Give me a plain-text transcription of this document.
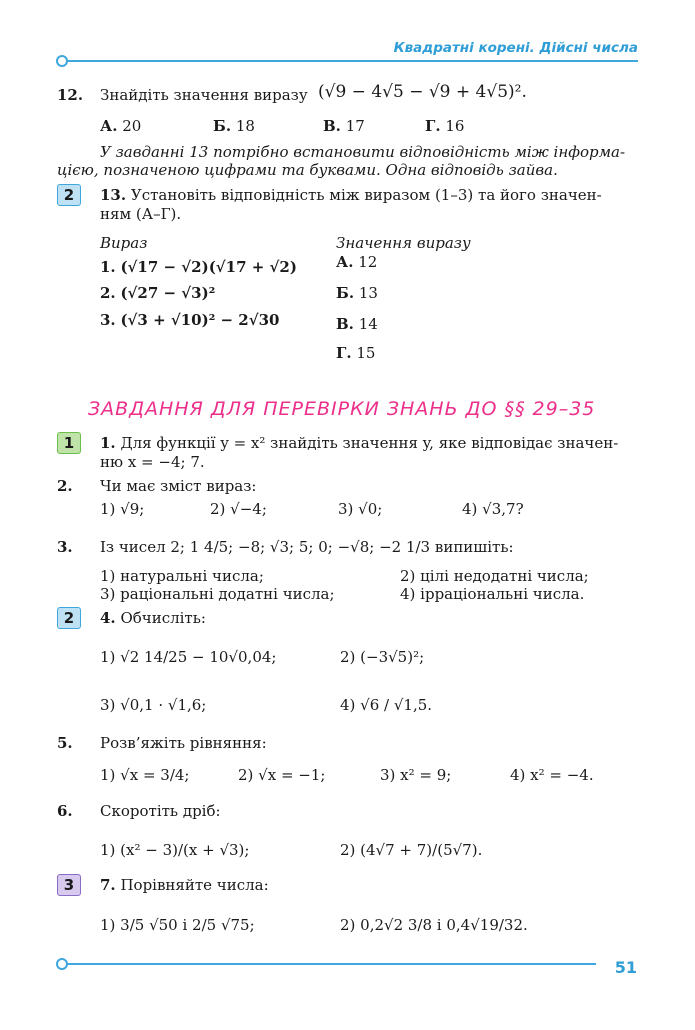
Квадратні корені. Дійсні числа
12. Знайдіть значення виразу (√9 − 4√5 − √9 + 4√5)².
А. 20	Б. 18	В. 17	Г. 16
У завданні 13 потрібно встановити відповідність між інформа-
цією, позначеною цифрами та буквами. Одна відповідь зайва.
2	13. Установіть відповідність між виразом (1–3) та його значен-
ням (А–Г).
Вираз	Значення виразу
1. (√17 − √2)(√17 + √2)
2. (√27 − √3)²
3. (√3 + √10)² − 2√30
А. 12
Б. 13
В. 14
Г. 15
ЗАВДАННЯ ДЛЯ ПЕРЕВІРКИ ЗНАНЬ ДО §§ 29–35
1	1. Для функції y = x² знайдіть значення y, яке відповідає значен-
ню x = −4; 7.
2. Чи має зміст вираз:
1) √9;	2) √−4;	3) √0;	4) √3,7?
3. Із чисел 2; 1 4/5; −8; √3; 5; 0; −√8; −2 1/3 випишіть:
1) натуральні числа;	2) цілі недодатні числа;
3) раціональні додатні числа;	4) ірраціональні числа.
2	4. Обчисліть:
1) √2 14/25 − 10√0,04;	2) (−3√5)²;
3) √0,1 · √1,6;	4) √6 / √1,5.
5. Розв’яжіть рівняння:
1) √x = 3/4;	2) √x = −1;	3) x² = 9;	4) x² = −4.
6. Скоротіть дріб:
1) (x² − 3)/(x + √3);	2) (4√7 + 7)/(5√7).
3	7. Порівняйте числа:
1) 3/5 √50 і 2/5 √75;	2) 0,2√2 3/8 і 0,4√19/32.
51
